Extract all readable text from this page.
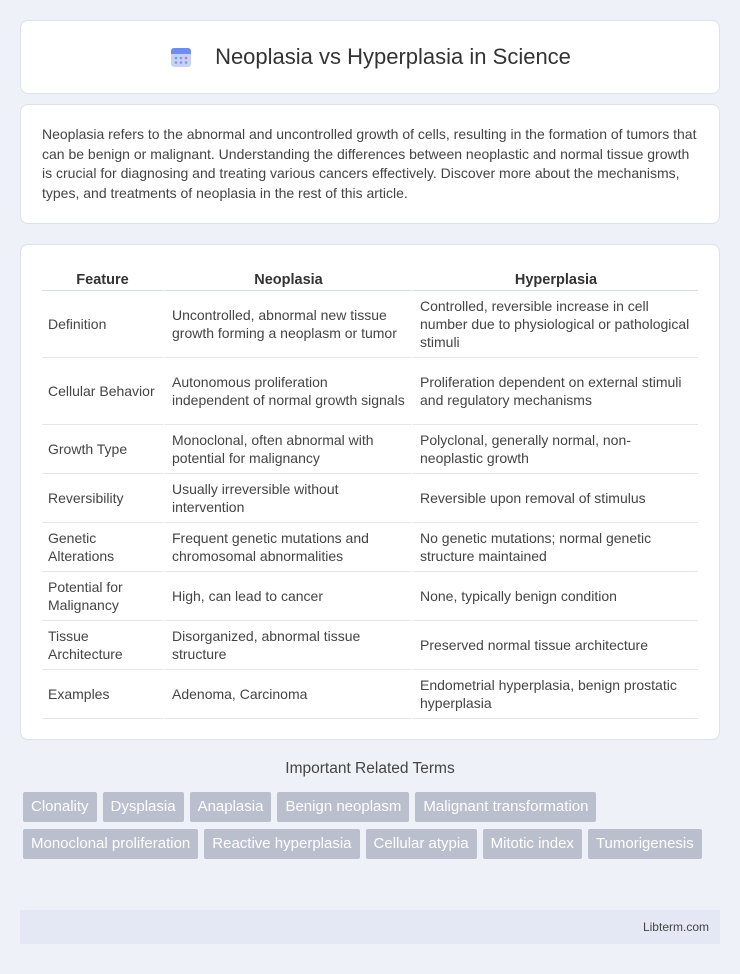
Neoplasia vs Hyperplasia in Science

Neoplasia refers to the abnormal and uncontrolled growth of cells, resulting in the formation of tumors that can be benign or malignant. Understanding the differences between neoplastic and normal tissue growth is crucial for diagnosing and treating various cancers effectively. Discover more about the mechanisms, types, and treatments of neoplasia in the rest of this article.

Feature	Neoplasia	Hyperplasia
Definition	Uncontrolled, abnormal new tissue growth forming a neoplasm or tumor	Controlled, reversible increase in cell number due to physiological or pathological stimuli
Cellular Behavior	Autonomous proliferation independent of normal growth signals	Proliferation dependent on external stimuli and regulatory mechanisms
Growth Type	Monoclonal, often abnormal with potential for malignancy	Polyclonal, generally normal, non-neoplastic growth
Reversibility	Usually irreversible without intervention	Reversible upon removal of stimulus
Genetic Alterations	Frequent genetic mutations and chromosomal abnormalities	No genetic mutations; normal genetic structure maintained
Potential for Malignancy	High, can lead to cancer	None, typically benign condition
Tissue Architecture	Disorganized, abnormal tissue structure	Preserved normal tissue architecture
Examples	Adenoma, Carcinoma	Endometrial hyperplasia, benign prostatic hyperplasia
Important Related Terms
Clonality	Dysplasia	Anaplasia	Benign neoplasm	Malignant transformation
Monoclonal proliferation	Reactive hyperplasia	Cellular atypia	Mitotic index	Tumorigenesis
Libterm.com
